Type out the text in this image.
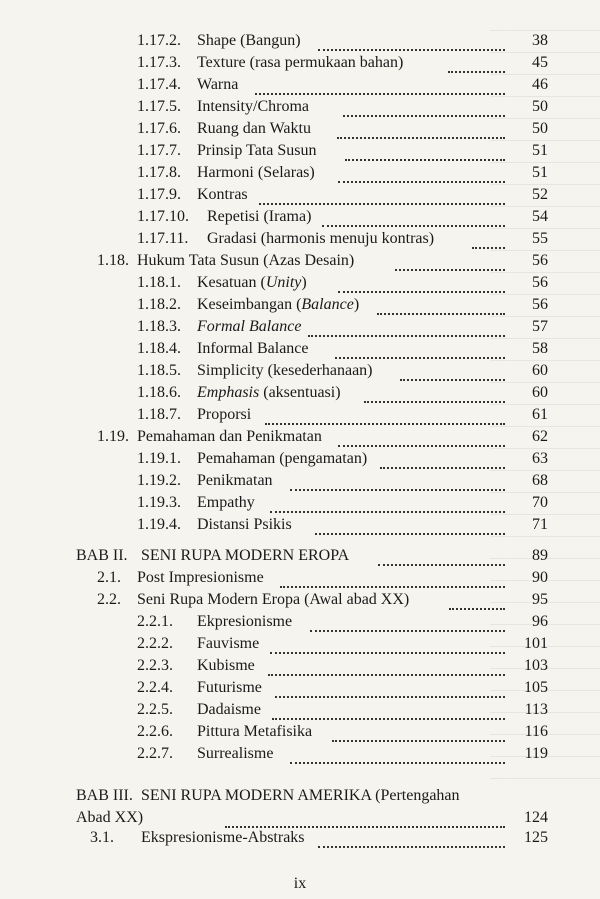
1.17.2. Shape (Bangun)	38
1.17.3. Texture (rasa permukaan bahan)	45
1.17.4. Warna	46
1.17.5. Intensity/Chroma	50
1.17.6. Ruang dan Waktu	50
1.17.7. Prinsip Tata Susun	51
1.17.8. Harmoni (Selaras)	51
1.17.9. Kontras	52
1.17.10. Repetisi (Irama)	54
1.17.11. Gradasi (harmonis menuju kontras)	55
1.18. Hukum Tata Susun (Azas Desain)	56
1.18.1. Kesatuan (Unity)	56
1.18.2. Keseimbangan (Balance)	56
1.18.3. Formal Balance	57
1.18.4. Informal Balance	58
1.18.5. Simplicity (kesederhanaan)	60
1.18.6. Emphasis (aksentuasi)	60
1.18.7. Proporsi	61
1.19. Pemahaman dan Penikmatan	62
1.19.1. Pemahaman (pengamatan)	63
1.19.2. Penikmatan	68
1.19.3. Empathy	70
1.19.4. Distansi Psikis	71
BAB II. SENI RUPA MODERN EROPA	89
2.1. Post Impresionisme	90
2.2. Seni Rupa Modern Eropa (Awal abad XX)	95
2.2.1. Ekpresionisme	96
2.2.2. Fauvisme	101
2.2.3. Kubisme	103
2.2.4. Futurisme	105
2.2.5. Dadaisme	113
2.2.6. Pittura Metafisika	116
2.2.7. Surrealisme	119
BAB III. SENI RUPA MODERN AMERIKA (Pertengahan
Abad XX)	124
3.1. Ekspresionisme-Abstraks	125
ix
